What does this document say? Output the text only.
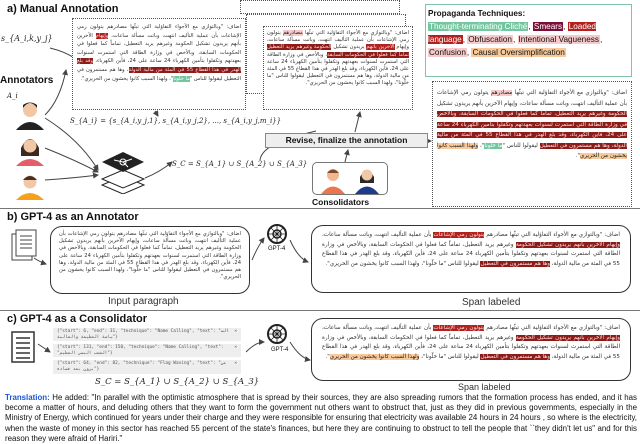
a) Manual Annotation
s_{A_i,k,y_j}
Annotators
A_i
اضاف: "وبالتوازي مع الأجواء التفاؤلية التي تبثّها مصادرهم يتولون رمي الإشاعات بأن عملية التأليف انتهت، وباتت مسألة ساعات، وإيهام الآخرين بأنهم يريدون تشكيل الحكومة وغيرهم يريد التعطيل تماماً كما فعلوا في الحكومات السابقة، وبالأخص في وزارة الطاقة التي استمرت لسنوات بعهدتهم وتكفلوا بتأمين الكهرباء 24 ساعة على 24، فأين الكهرباء، وقد بلغ الهدر في هذا القطاع 55 في المئة من مالية الدولة، وها هم مستمرون في التعطيل ليقولوا للناس "ما خلّونا"، ولهذا السبب كانوا يخشون من الحريري".
اضاف: "وبالتوازي مع الأجواء التفاؤلية التي تبثّها مصادرهم يتولون رمي الإشاعات بأن عملية التأليف انتهت، وباتت مسألة ساعات، وإيهام الآخرين بأنهم يريدون تشكيل الحكومة وغيرهم يريد التعطيل، تماماً كما فعلوا في الحكومات السابقة، وبالأخص في وزارة الطاقة التي استمرت لسنوات بعهدتهم وتكفلوا بتأمين الكهرباء 24 ساعة على 24، فأين الكهرباء، وقد بلغ الهدر في هذا القطاع 55 في المئة من مالية الدولة، وها هم مستمرون في التعطيل ليقولوا للناس "ما خلّونا"، ولهذا السبب كانوا يخشون من الحريري".
S_{A_i} = {s_{A_i,y_j,1}, s_{A_i,y_j,2}, ..., s_{A_i,y_j,m_i}}
S_C = S_{A_1} ∪ S_{A_2} ∪ S_{A_3}
Revise, finalize the annotation
Consolidators
Propaganda Techniques:
Thought-terminating Cliché, Smears, Loaded language, Obfuscation, Intentional Vagueness, Confusion, Causal Oversimplification
اضاف: "وبالتوازي مع الأجواء التفاؤلية التي تبثّها مصادرهم يتولون رمي الإشاعات بأن عملية التأليف انتهت، وباتت مسألة ساعات، وإيهام الآخرين بأنهم يريدون تشكيل الحكومة وغيرهم يريد التعطيل، تماماً كما فعلوا في الحكومات السابقة، وبالأخص في وزارة الطاقة التي استمرت لسنوات بعهدتهم وتكفلوا بتأمين الكهرباء 24 ساعة على 24، فأين الكهرباء، وقد بلغ الهدر في هذا القطاع 55 في المئة من مالية الدولة، وها هم مستمرون في التعطيل ليقولوا للناس "ما خلّونا"، ولهذا السبب كانوا يخشون من الحريري".
b) GPT-4 as an Annotator
اضاف: "وبالتوازي مع الأجواء التفاؤلية التي تبثّها مصادرهم يتولون رمي الإشاعات بأن عملية التأليف انتهت، وباتت مسألة ساعات، وإيهام الآخرين بأنهم يريدون تشكيل الحكومة وغيرهم يريد التعطيل، تماماً كما فعلوا في الحكومات السابقة، وبالأخص في وزارة الطاقة التي استمرت لسنوات بعهدتهم وتكفلوا بتأمين الكهرباء 24 ساعة على 24، فأين الكهرباء، وقد بلغ الهدر في هذا القطاع 55 في المئة من مالية الدولة، وها هم مستمرون في التعطيل ليقولوا للناس "ما خلّونا"، ولهذا السبب كانوا يخشون من الحريري".
Input paragraph
GPT-4
اضاف: "وبالتوازي مع الأجواء التفاؤلية التي تبثّها مصادرهم يتولون رمي الإشاعات بأن عملية التأليف انتهت، وباتت مسألة ساعات، وإيهام الآخرين بأنهم يريدون تشكيل الحكومة وغيرهم يريد التعطيل، تماماً كما فعلوا في الحكومات السابقة، وبالأخص في وزارة الطاقة التي استمرت لسنوات بعهدتهم وتكفلوا بتأمين الكهرباء 24 ساعة على 24، فأين الكهرباء، وقد بلغ الهدر في هذا القطاع 55 في المئة من مالية الدولة، وها هم مستمرون في التعطيل ليقولوا للناس "ما خلّونا"، ولهذا السبب كانوا يخشون من الحريري".
Span labeled
c) GPT-4 as a Consolidator
{"start": 6, "end": 31, "technique": "Name Calling", "text": "السياسة العظيمة والعالية"}
×
{"start": 131, "end": 150, "technique": "Name Calling", "text": "الشعب البسي العظيم"}
×
{"start": 64, "end": 82, "technique": "Flag Waving", "text": "من يرون بعد فساده"}
×
S_C = S_{A_1} ∪ S_{A_2} ∪ S_{A_3}
GPT-4
اضاف: "وبالتوازي مع الأجواء التفاؤلية التي تبثّها مصادرهم يتولون رمي الإشاعات بأن عملية التأليف انتهت، وباتت مسألة ساعات، وإيهام الآخرين بأنهم يريدون تشكيل الحكومة وغيرهم يريد التعطيل، تماماً كما فعلوا في الحكومات السابقة، وبالأخص في وزارة الطاقة التي استمرت لسنوات بعهدتهم وتكفلوا بتأمين الكهرباء 24 ساعة على 24، فأين الكهرباء، وقد بلغ الهدر في هذا القطاع 55 في المئة من مالية الدولة، وها هم مستمرون في التعطيل ليقولوا للناس "ما خلّونا"، ولهذا السبب كانوا يخشون من الحريري".
Span labeled
Translation: He added: "In parallel with the optimistic atmosphere that is spread by their sources, they are also spreading rumors that the formation process has ended, and it has become a matter of hours, and deluding others that they want to form the government nut others want to obstruct that, just as they did in previous governments, especially in the Ministry of Energy, which continued for years under their charge and they were responsible for ensuring that electricity was available 24 hours in 24 hours , so where is the electricity, when the waste of money in this sector has reached 55 percent of the state's finances, but here they are continuing to obstruct to tell the people that ``they didn't let us" and for this reason they were afraid of Hariri."
